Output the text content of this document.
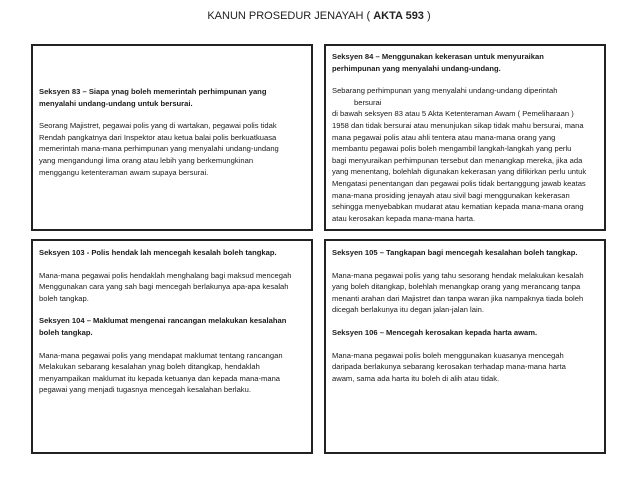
KANUN PROSEDUR JENAYAH ( AKTA 593 )

Seksyen 83 – Siapa ynag boleh memerintah perhimpunan yang menyalahi undang-undang untuk bersurai.

Seorang Majistret, pegawai polis yang di wartakan, pegawai polis tidak

Rendah pangkatnya dari Inspektor atau ketua balai polis berkuatkuasa

memerintah mana-mana perhimpunan yang menyalahi undang-undang

yang mengandungi lima orang atau lebih yang berkemungkinan

menggangu ketenteraman awam supaya bersurai.

Seksyen 84 – Menggunakan kekerasan untuk menyuraikan

perhimpunan yang menyalahi undang-undang.

Sebarang perhimpunan yang menyalahi undang-undang diperintah

bersurai

di bawah seksyen 83 atau 5 Akta Ketenteraman Awam ( Pemeliharaan )

1958 dan tidak bersurai atau menunjukan sikap tidak mahu bersurai, mana

mana pegawai polis atau ahli tentera atau mana-mana orang yang

membantu pegawai polis boleh mengambil langkah-langkah yang perlu

bagi menyuraikan perhimpunan tersebut dan menangkap mereka, jika ada

yang menentang, bolehlah digunakan kekerasan yang difikirkan perlu untuk

Mengatasi penentangan dan pegawai polis tidak bertanggung jawab keatas

mana-mana prosiding jenayah atau sivil bagi menggunakan kekerasan

sehingga menyebabkan mudarat atau kematian kepada mana-mana orang

atau kerosakan kepada mana-mana harta.

Seksyen 103 - Polis hendak lah mencegah kesalah boleh tangkap.

Mana-mana pegawai polis hendaklah menghalang bagi maksud mencegah

Menggunakan cara yang sah bagi mencegah berlakunya apa-apa kesalah

boleh tangkap.

Seksyen 104 – Maklumat mengenai rancangan melakukan kesalahan

boleh tangkap.

Mana-mana pegawai polis yang mendapat maklumat tentang rancangan

Melakukan sebarang kesalahan ynag boleh ditangkap, hendaklah

menyampaikan maklumat itu kepada ketuanya dan kepada mana-mana

pegawai yang menjadi tugasnya mencegah kesalahan berlaku.

Seksyen 105 – Tangkapan bagi mencegah kesalahan boleh tangkap.

Mana-mana pegawai polis yang tahu sesorang hendak melakukan kesalah

yang boleh ditangkap, bolehlah menangkap orang yang merancang tanpa

menanti arahan dari Majistret dan tanpa waran jika nampaknya tiada boleh

dicegah berlakunya itu degan jalan-jalan lain.

Seksyen 106 – Mencegah kerosakan kepada harta awam.

Mana-mana pegawai polis boleh menggunakan kuasanya mencegah

daripada berlakunya sebarang kerosakan terhadap mana-mana harta

awam, sama ada harta itu boleh di alih atau tidak.
